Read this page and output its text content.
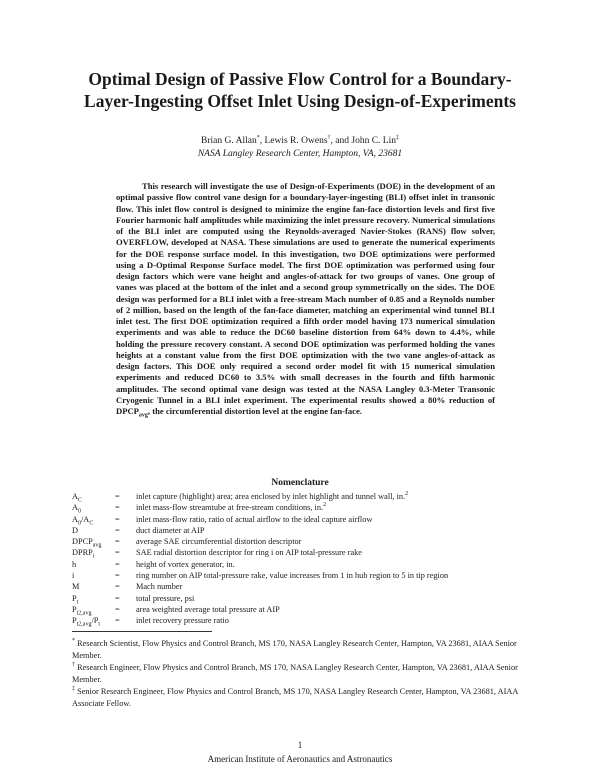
Optimal Design of Passive Flow Control for a Boundary-Layer-Ingesting Offset Inlet Using Design-of-Experiments
Brian G. Allan*, Lewis R. Owens†, and John C. Lin‡
NASA Langley Research Center, Hampton, VA, 23681

This research will investigate the use of Design-of-Experiments (DOE) in the development of an optimal passive flow control vane design for a boundary-layer-ingesting (BLI) offset inlet in transonic flow. This inlet flow control is designed to minimize the engine fan-face distortion levels and first five Fourier harmonic half amplitudes while maximizing the inlet pressure recovery. Numerical simulations of the BLI inlet are computed using the Reynolds-averaged Navier-Stokes (RANS) flow solver, OVERFLOW, developed at NASA. These simulations are used to generate the numerical experiments for the DOE response surface model. In this investigation, two DOE optimizations were performed using a D-Optimal Response Surface model. The first DOE optimization was performed using four design factors which were vane height and angles-of-attack for two groups of vanes. One group of vanes was placed at the bottom of the inlet and a second group symmetrically on the sides. The DOE design was performed for a BLI inlet with a free-stream Mach number of 0.85 and a Reynolds number of 2 million, based on the length of the fan-face diameter, matching an experimental wind tunnel BLI inlet test. The first DOE optimization required a fifth order model having 173 numerical simulation experiments and was able to reduce the DC60 baseline distortion from 64% down to 4.4%, while holding the pressure recovery constant. A second DOE optimization was performed holding the vanes heights at a constant value from the first DOE optimization with the two vane angles-of-attack as design factors. This DOE only required a second order model fit with 15 numerical simulation experiments and reduced DC60 to 3.5% with small decreases in the fourth and fifth harmonic amplitudes. The second optimal vane design was tested at the NASA Langley 0.3-Meter Transonic Cryogenic Tunnel in a BLI inlet experiment. The experimental results showed a 80% reduction of $DPCP_{avg}$, the circumferential distortion level at the engine fan-face.

Nomenclature
$A_C$	=	inlet capture (highlight) area; area enclosed by inlet highlight and tunnel wall, in.$^2$
$A_0$	=	inlet mass-flow streamtube at free-stream conditions, in.$^2$
$A_0/A_C$	=	inlet mass-flow ratio, ratio of actual airflow to the ideal capture airflow
D	=	duct diameter at AIP
$DPCP_{avg}$	=	average SAE circumferential distortion descriptor
$DPRP_i$	=	SAE radial distortion descriptor for ring i on AIP total-pressure rake
h	=	height of vortex generator, in.
i	=	ring number on AIP total-pressure rake, value increases from 1 in hub region to 5 in tip region
M	=	Mach number
$P_t$	=	total pressure, psi
$P_{t2,avg}$	=	area weighted average total pressure at AIP
$P_{t2,avg}/P_t$	=	inlet recovery pressure ratio
* Research Scientist, Flow Physics and Control Branch, MS 170, NASA Langley Research Center, Hampton, VA 23681, AIAA Senior Member.
† Research Engineer, Flow Physics and Control Branch, MS 170, NASA Langley Research Center, Hampton, VA 23681, AIAA Senior Member.
‡ Senior Research Engineer, Flow Physics and Control Branch, MS 170, NASA Langley Research Center, Hampton, VA 23681, AIAA Associate Fellow.
1
American Institute of Aeronautics and Astronautics
